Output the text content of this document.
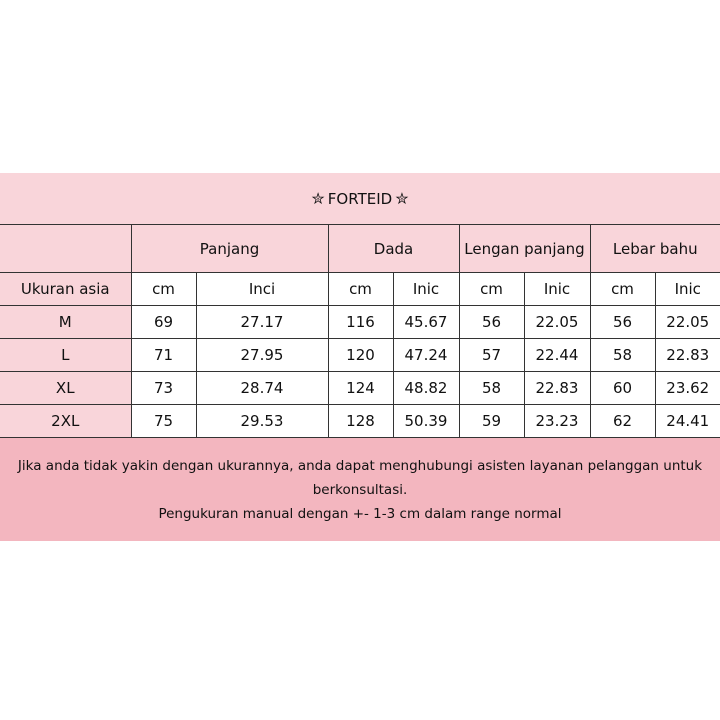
✮ FORTEID ✮
	Panjang		Dada		Lengan panjang		Lebar bahu	
Ukuran asia	cm	Inci	cm	Inic	cm	Inic	cm	Inic
M	69	27.17	116	45.67	56	22.05	56	22.05
L	71	27.95	120	47.24	57	22.44	58	22.83
XL	73	28.74	124	48.82	58	22.83	60	23.62
2XL	75	29.53	128	50.39	59	23.23	62	24.41
Jika anda tidak yakin dengan ukurannya, anda dapat menghubungi asisten layanan pelanggan untuk
berkonsultasi.
Pengukuran manual dengan +- 1-3 cm dalam range normal
